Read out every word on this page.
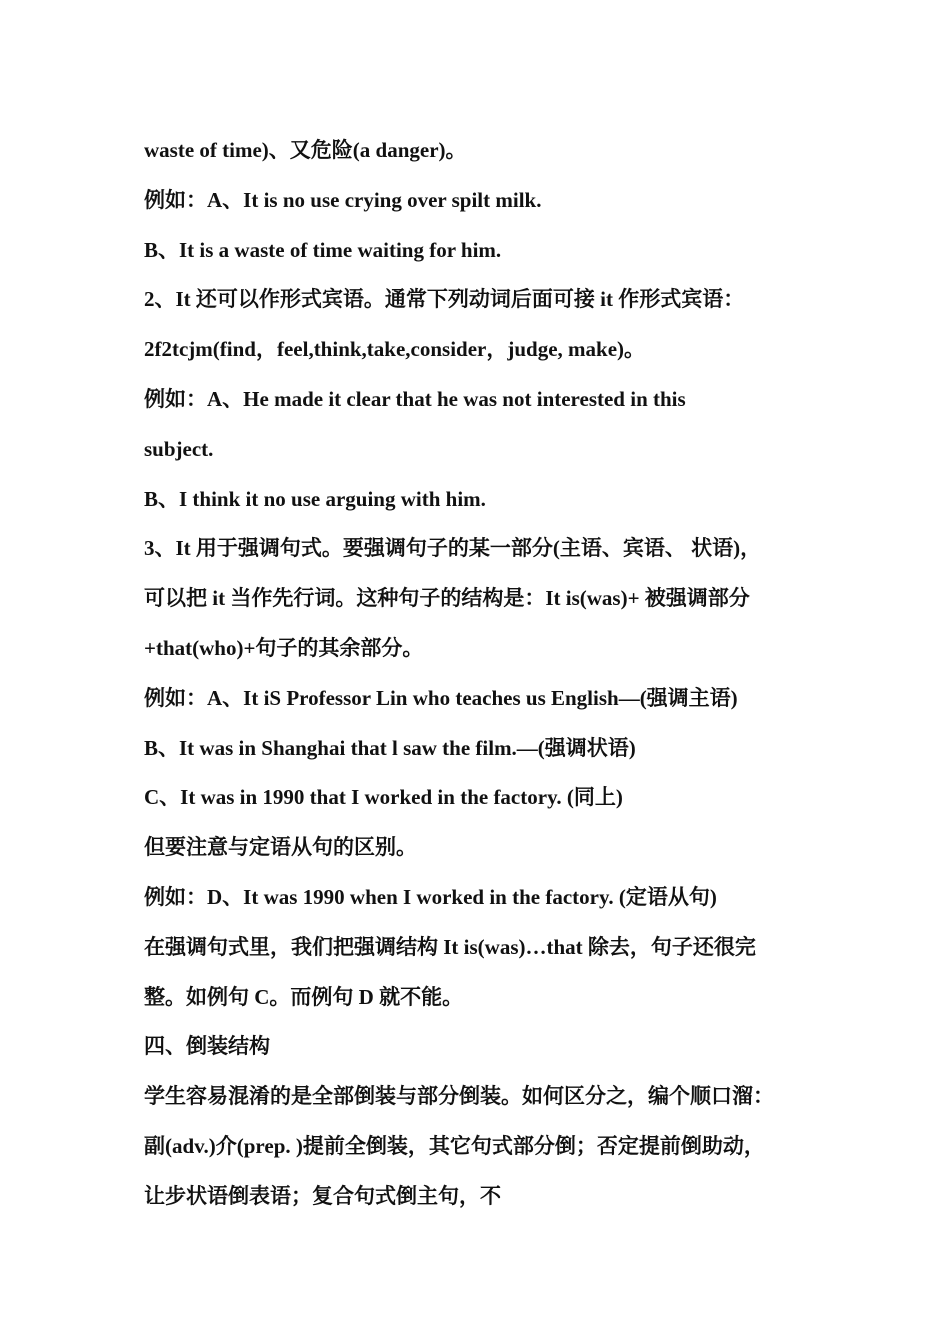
waste of time)、又危险(a danger)。
例如：A、It is no use crying over spilt milk.
B、It is a waste of time waiting for him.
2、It 还可以作形式宾语。通常下列动词后面可接 it 作形式宾语：
2f2tcjm(find，feel,think,take,consider，judge, make)。
例如：A、He made it clear that he was not interested in this
subject.
B、I think it no use arguing with him.
3、It 用于强调句式。要强调句子的某一部分(主语、宾语、 状语)，
可以把 it 当作先行词。这种句子的结构是：It is(was)+ 被强调部分
+that(who)+句子的其余部分。
例如：A、It iS Professor Lin who teaches us English—(强调主语)
B、It was in Shanghai that l saw the film.—(强调状语)
C、It was in 1990 that I worked in the factory. (同上)
但要注意与定语从句的区别。
例如：D、It was 1990 when I worked in the factory. (定语从句)
在强调句式里，我们把强调结构 It is(was)…that 除去，句子还很完
整。如例句 C。而例句 D 就不能。
四、倒装结构
学生容易混淆的是全部倒装与部分倒装。如何区分之，编个顺口溜：
副(adv.)介(prep. )提前全倒装，其它句式部分倒；否定提前倒助动，
让步状语倒表语；复合句式倒主句，不
